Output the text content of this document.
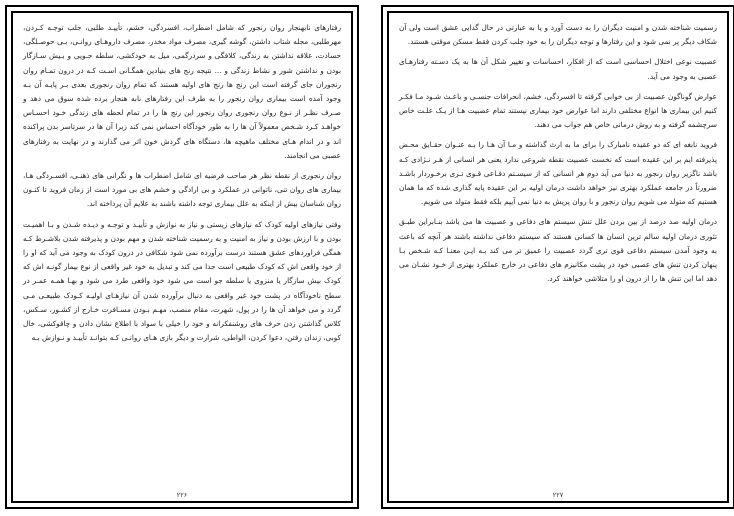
رفتارهای نابهنجار روان رنجور که شامل اضطراب، افسردگی، خشم، تأییـد طلبی، جلب توجـه کـردن، مهرطلبی، مجله شتاب داشتن، گوشه گیری، مصرف مواد مخدر، مصرف داروهـای روانـی، بـی حوصـلگی، حسادت، علاقه نداشتن به زندگی، کلافگی و سردرگمی، میل به خودکشی، سلطه جـویی و بـیش سـازگار بودن و نداشتن شور و نشاط زندگی و ... نتیجه رنج های بنیادین همگـانی اسـت کـه در درون تمـام روان رنجوران جای گرفته است این رنج ها رنج های اولیه هستند که تمام روان رنجوری بعدی بـر پایـه آن بـه وجود آمده است بیماری روان رنجور را به طرف این رفتارهای نابه هنجار برده شده سوق می دهد و صـرف نظـر از نـوع روان رنجوری روان رنجور این رنج ها را در تمام لحظه های زندگی خـود احسـاس خواهـد کـرد شـخص معمولاً آن ها را به طور خودآگاه احساس نمی کند زیرا آن ها در سرتاسر بدن پراکنده اند و در اندام هـای مختلف ماهیچه ها، دستگاه های گردش خون اثر می گذارند و در نهایت به رفتارهای عصبی می انجامند.

روان رنجوری از نقطه نظر هر صاحب فرضیه ای شامل اضطراب ها و نگرانی های ذهنـی، افسـردگی هـا، بیماری های روان تنی، ناتوانی در عملکرد و بی ارادگی و خشم های بی مورد است از زمان فروید تا کنـون روان شناسان بیش از اینکه به علل بیماری توجه داشته باشند به علایم آن پرداخته اند.

وقتی نیازهای اولیه کودک که نیازهای زیستی و نیاز به نوازش و تأییـد و توجـه و دیـده شـدن و بـا اهمیـت بودن و با ارزش بودن و نیاز به امنیت و به رسمیت شناخته شدن و مهم بودن و پذیرفته شدن بلاشـرط کـه همگی فراوردهای عشق هستند درست برآورده نمی شود شکافی در درون کودک به وجود می آید که او را از خود واقعی اش که کودک طبیعی است جدا می کند و تبدیل به خود غیر واقعی از نوع بیمار گونـه اش که کودک بیش سازگار یا منزوی یا سلطه جو است می شود خود واقعی طرد می شود و بهـا همـه عمـر در سطح ناخودآگاه در پشت خود غیر واقعی به دنبال برآورده شدن آن نیازهـای اولیـه کـودک طبیعـی مـی گردد و می خواهد آن ها را در پول، شهرت، مقام منصب، مهـم بـودن مسـافرت خـارج از کشـور، سـکس، کلاس گذاشتن زدن حرف های روشنفکرانه و خود را خیلی با سواد با اطلاع نشان دادن و چاقوکشی، خال کوبی، زندان رفتن، دعوا کردن، الواطی، شرارت و دیگر بازی هـای روانـی کـه بتوانـد تأییـد و نـوازش بـه

۲۲۶

رسمیت شناخته شدن و امنیت دیگران را به دست آورد و یا به عبارتی در حال گدایی عشق است ولی آن شکاف دیگر پر نمی شود و این رفتارها و توجه دیگران را به خود جلب کردن فقط مسکن موقتی هستند.

عصبیت نوعی اختلال احساسی است که از افکار، احساسات و تغییر شکل آن ها به یک دسـته رفتارهـای عصبی به وجود می آید.

عوارض گوناگون عصبیت از بی خوابی گرفته تا افسردگی، خشم، انحرافات جنسـی و باعـث شـود مـا فکـر کنیم این بیماری ها انواع مختلفی دارند اما عوارض خود بیماری نیستند تمام عصبیت هـا از یـک علـت خاص سرچشمه گرفته و به روش درمانی خاص هم جواب می دهند.

فروید نابغه ای که دو عقیده نامبارک را برای ما به ارث گذاشته و مـا آن هـا را بـه عنـوان حقـایق محـض پذیرفته ایم بر این عقیده است که نخست عصبیت نقطه شروعی ندارد یعنی هر انسانی از هـر نـژادی کـه باشد ناگزیر روان رنجور به دنیا می آید دوم هر انسانی که از سیسـتم دفـاعی قـوی تـری برخـوردار باشـد ضرورتاً در جامعه عملکرد بهتری نیز خواهد داشت درمان اولیه بر این عقیده پایه گذاری شده که ما همان هستیم که متولد می شویم روان رنجور و با روان پریش به دنیا نمی آییم بلکه فقط متولد می شویم.

درمان اولیه صد درصد از بین بردن علل تنش سیستم های دفاعی و عصبیت ها می باشد بنـابراین طبـق تئوری درمان اولیه سالم ترین انسان ها کسانی هستند که سیستم دفاعی نداشته باشند هر آنچه که باعث به وجود آمدن سیستم دفاعی قوی تری گردد عصبیت را عمیق تر می کند بـه ایـن معنـا کـه شـخص بـا پنهان کردن تنش های عصبی خود در پشت مکانیزم های دفاعی در خارج عملکرد بهتری از خـود نشـان می دهد اما این تنش ها را از درون او را متلاشی خواهند کرد.

۲۲۷
